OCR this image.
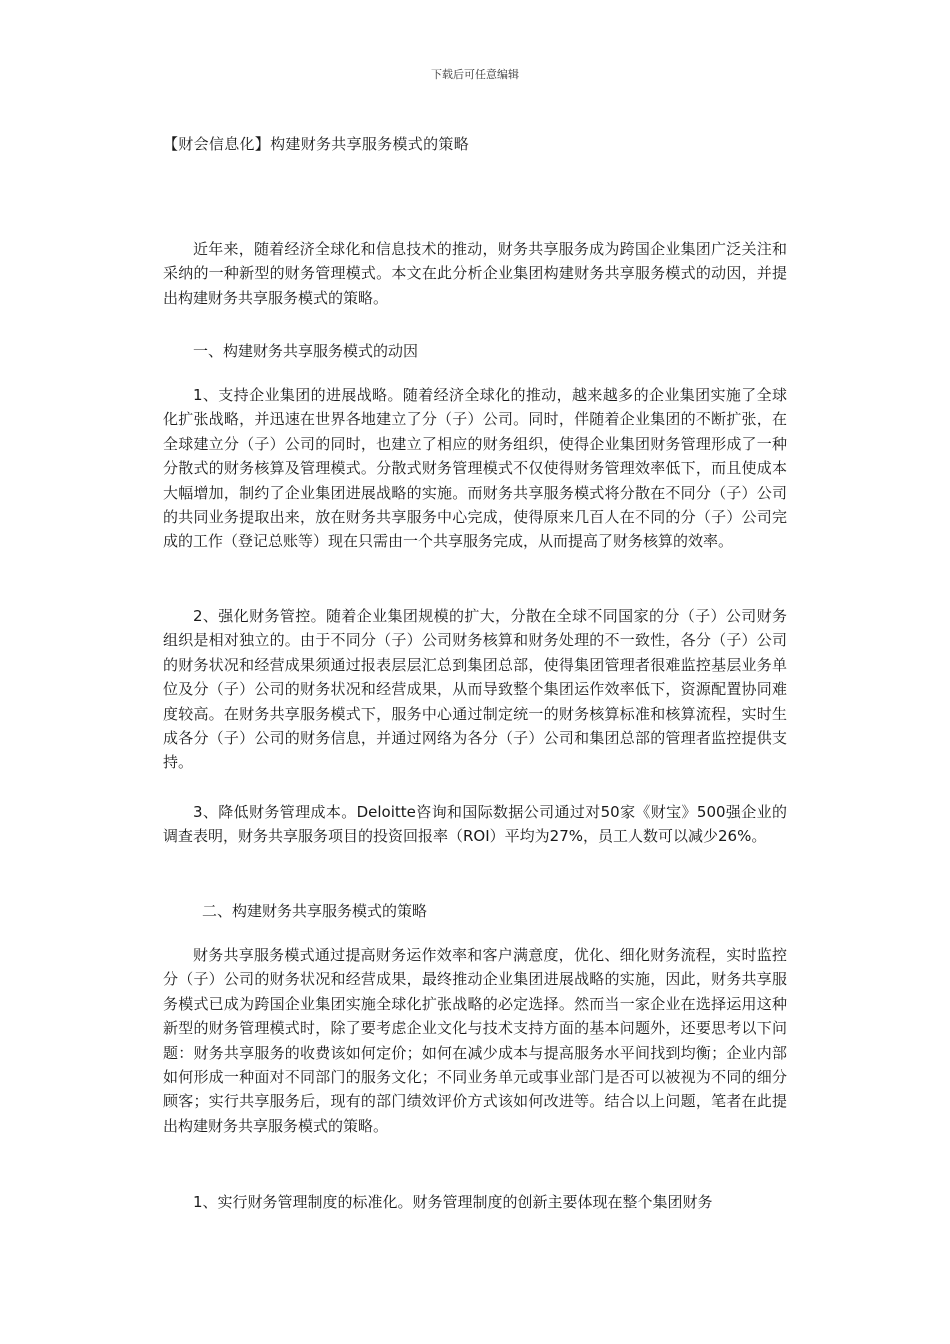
下载后可任意编辑
【财会信息化】构建财务共享服务模式的策略

近年来，随着经济全球化和信息技术的推动，财务共享服务成为跨国企业集团广泛关注和采纳的一种新型的财务管理模式。本文在此分析企业集团构建财务共享服务模式的动因，并提出构建财务共享服务模式的策略。

一、构建财务共享服务模式的动因

1、支持企业集团的进展战略。随着经济全球化的推动，越来越多的企业集团实施了全球化扩张战略，并迅速在世界各地建立了分（子）公司。同时，伴随着企业集团的不断扩张，在全球建立分（子）公司的同时，也建立了相应的财务组织，使得企业集团财务管理形成了一种分散式的财务核算及管理模式。分散式财务管理模式不仅使得财务管理效率低下，而且使成本大幅增加，制约了企业集团进展战略的实施。而财务共享服务模式将分散在不同分（子）公司的共同业务提取出来，放在财务共享服务中心完成，使得原来几百人在不同的分（子）公司完成的工作（登记总账等）现在只需由一个共享服务完成，从而提高了财务核算的效率。

2、强化财务管控。随着企业集团规模的扩大，分散在全球不同国家的分（子）公司财务组织是相对独立的。由于不同分（子）公司财务核算和财务处理的不一致性，各分（子）公司的财务状况和经营成果须通过报表层层汇总到集团总部，使得集团管理者很难监控基层业务单位及分（子）公司的财务状况和经营成果，从而导致整个集团运作效率低下，资源配置协同难度较高。在财务共享服务模式下，服务中心通过制定统一的财务核算标准和核算流程，实时生成各分（子）公司的财务信息，并通过网络为各分（子）公司和集团总部的管理者监控提供支持。

3、降低财务管理成本。Deloitte咨询和国际数据公司通过对50家《财宝》500强企业的调查表明，财务共享服务项目的投资回报率（ROI）平均为27%，员工人数可以减少26%。

二、构建财务共享服务模式的策略

财务共享服务模式通过提高财务运作效率和客户满意度，优化、细化财务流程，实时监控分（子）公司的财务状况和经营成果，最终推动企业集团进展战略的实施，因此，财务共享服务模式已成为跨国企业集团实施全球化扩张战略的必定选择。然而当一家企业在选择运用这种新型的财务管理模式时，除了要考虑企业文化与技术支持方面的基本问题外，还要思考以下问题：财务共享服务的收费该如何定价；如何在减少成本与提高服务水平间找到均衡；企业内部如何形成一种面对不同部门的服务文化；不同业务单元或事业部门是否可以被视为不同的细分顾客；实行共享服务后，现有的部门绩效评价方式该如何改进等。结合以上问题，笔者在此提出构建财务共享服务模式的策略。

1、实行财务管理制度的标准化。财务管理制度的创新主要体现在整个集团财务
